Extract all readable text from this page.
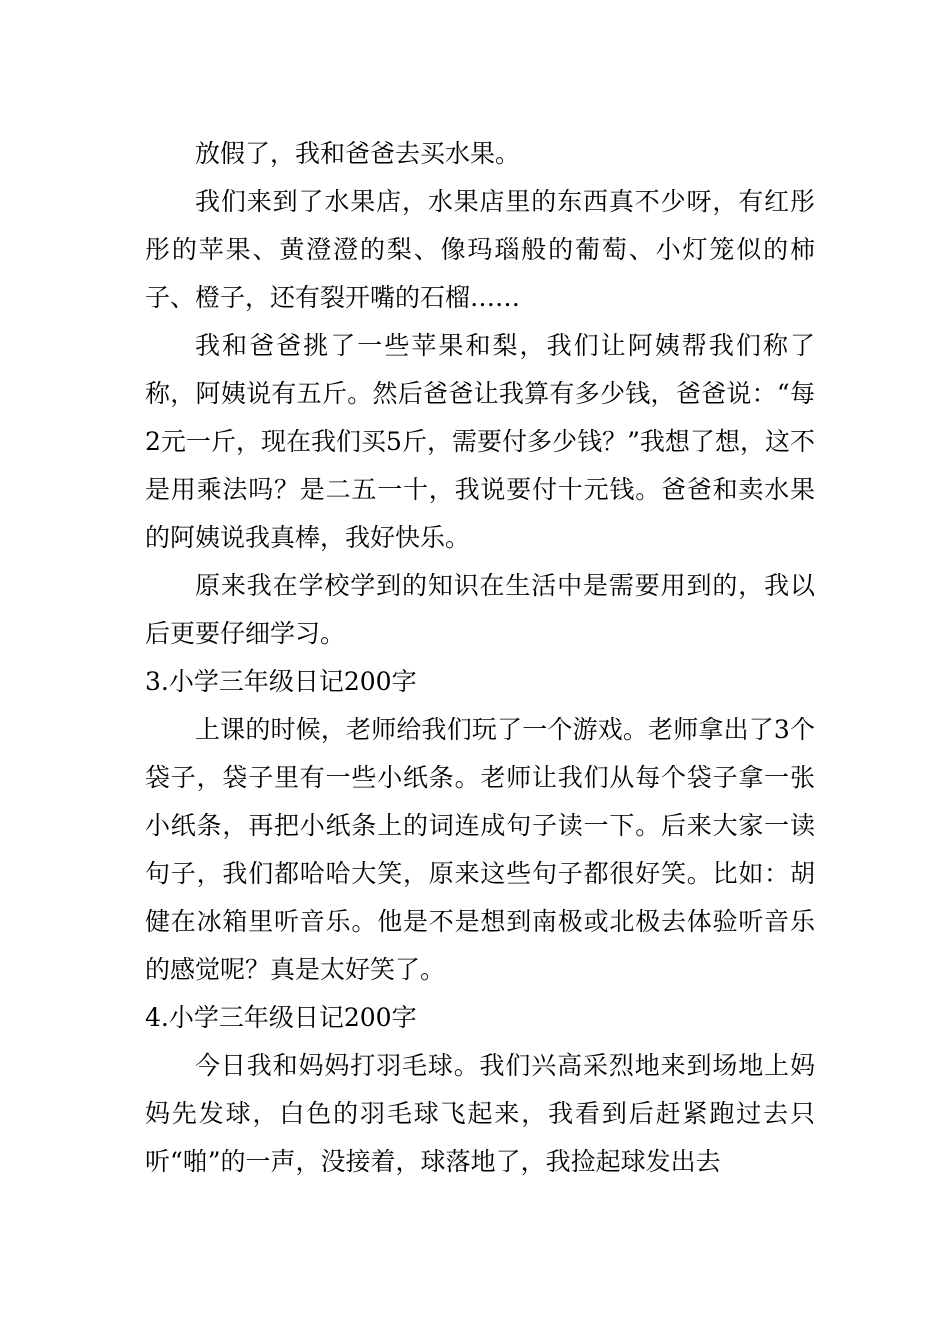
放假了，我和爸爸去买水果。

我们来到了水果店，水果店里的东西真不少呀，有红彤彤的苹果、黄澄澄的梨、像玛瑙般的葡萄、小灯笼似的柿子、橙子，还有裂开嘴的石榴……

我和爸爸挑了一些苹果和梨，我们让阿姨帮我们称了称，阿姨说有五斤。然后爸爸让我算有多少钱，爸爸说：“每2元一斤，现在我们买5斤，需要付多少钱？”我想了想，这不是用乘法吗？是二五一十，我说要付十元钱。爸爸和卖水果的阿姨说我真棒，我好快乐。

原来我在学校学到的知识在生活中是需要用到的，我以后更要仔细学习。

3.小学三年级日记200字

上课的时候，老师给我们玩了一个游戏。老师拿出了3个袋子，袋子里有一些小纸条。老师让我们从每个袋子拿一张小纸条，再把小纸条上的词连成句子读一下。后来大家一读句子，我们都哈哈大笑，原来这些句子都很好笑。比如：胡健在冰箱里听音乐。他是不是想到南极或北极去体验听音乐的感觉呢？真是太好笑了。

4.小学三年级日记200字

今日我和妈妈打羽毛球。我们兴高采烈地来到场地上妈妈先发球，白色的羽毛球飞起来，我看到后赶紧跑过去只听“啪”的一声，没接着，球落地了，我捡起球发出去
